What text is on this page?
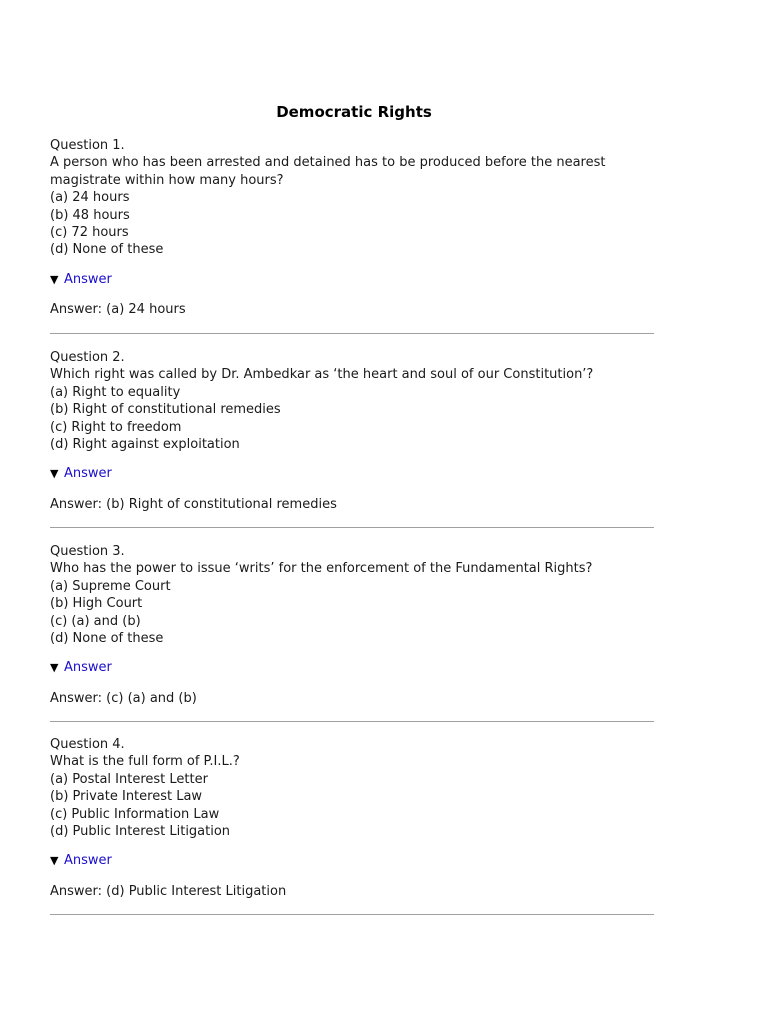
Democratic Rights
Question 1.
A person who has been arrested and detained has to be produced before the nearest
magistrate within how many hours?
(a) 24 hours
(b) 48 hours
(c) 72 hours
(d) None of these
▼ Answer
Answer: (a) 24 hours
Question 2.
Which right was called by Dr. Ambedkar as ‘the heart and soul of our Constitution’?
(a) Right to equality
(b) Right of constitutional remedies
(c) Right to freedom
(d) Right against exploitation
▼ Answer
Answer: (b) Right of constitutional remedies
Question 3.
Who has the power to issue ‘writs’ for the enforcement of the Fundamental Rights?
(a) Supreme Court
(b) High Court
(c) (a) and (b)
(d) None of these
▼ Answer
Answer: (c) (a) and (b)
Question 4.
What is the full form of P.I.L.?
(a) Postal Interest Letter
(b) Private Interest Law
(c) Public Information Law
(d) Public Interest Litigation
▼ Answer
Answer: (d) Public Interest Litigation
